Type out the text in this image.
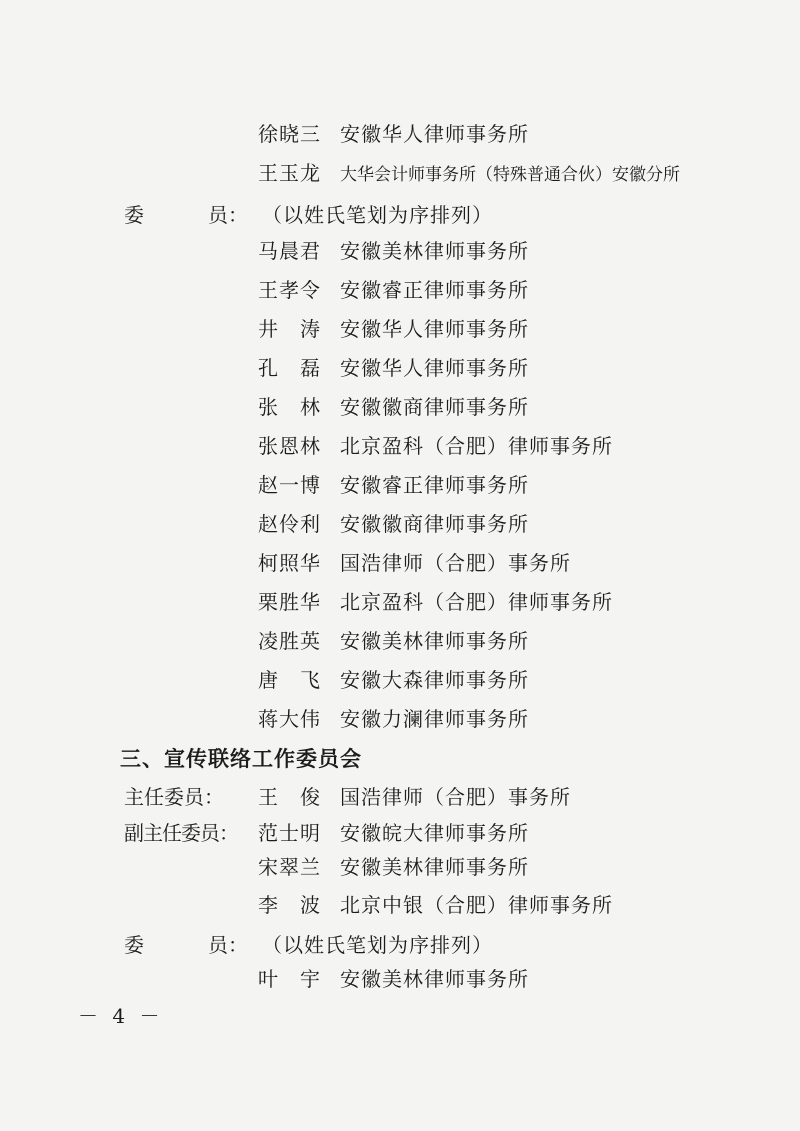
徐晓三 安徽华人律师事务所
王玉龙 大华会计师事务所（特殊普通合伙）安徽分所
委	员： （以姓氏笔划为序排列）
马晨君 安徽美林律师事务所
王孝令 安徽睿正律师事务所
井　涛 安徽华人律师事务所
孔　磊 安徽华人律师事务所
张　林 安徽徽商律师事务所
张恩林 北京盈科（合肥）律师事务所
赵一博 安徽睿正律师事务所
赵伶利 安徽徽商律师事务所
柯照华 国浩律师（合肥）事务所
栗胜华 北京盈科（合肥）律师事务所
凌胜英 安徽美林律师事务所
唐　飞 安徽大森律师事务所
蒋大伟 安徽力澜律师事务所
三、宣传联络工作委员会
主任委员： 王　俊 国浩律师（合肥）事务所
副主任委员： 范士明 安徽皖大律师事务所
宋翠兰 安徽美林律师事务所
李　波 北京中银（合肥）律师事务所
委	员： （以姓氏笔划为序排列）
叶　宇 安徽美林律师事务所
－ 4 －
